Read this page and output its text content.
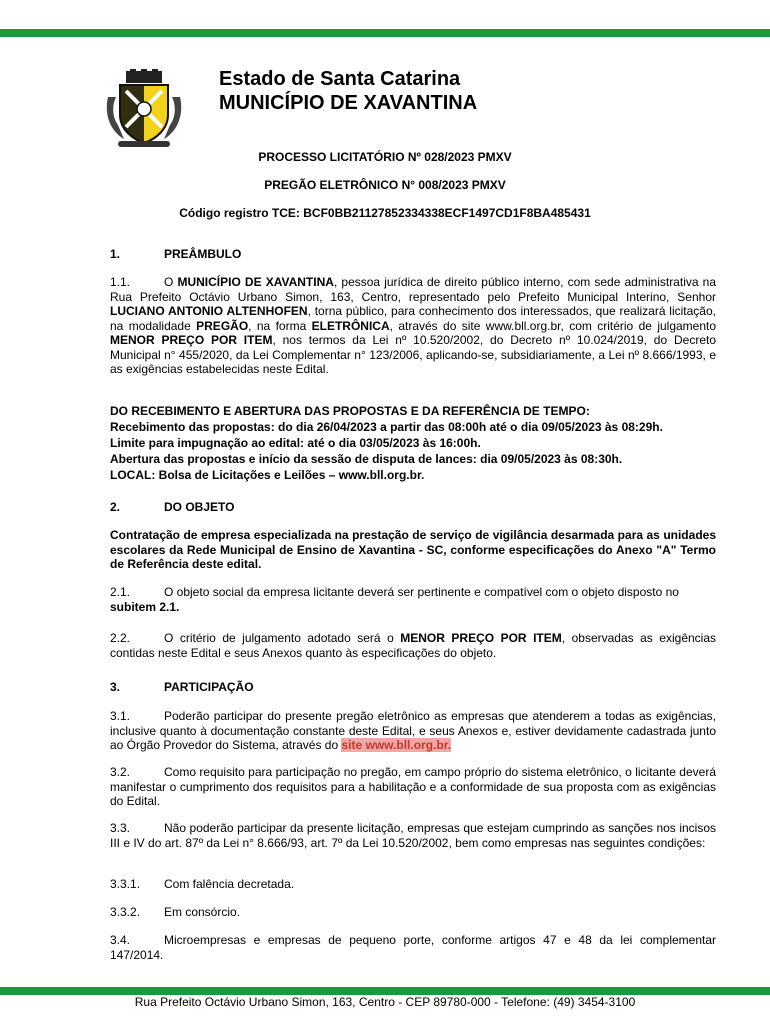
Estado de Santa Catarina
MUNICÍPIO DE XAVANTINA
PROCESSO LICITATÓRIO Nº 028/2023 PMXV
PREGÃO ELETRÔNICO N° 008/2023 PMXV
Código registro TCE: BCF0BB21127852334338ECF1497CD1F8BA485431
1.	PREÂMBULO
1.1.	O MUNICÍPIO DE XAVANTINA, pessoa jurídica de direito público interno, com sede administrativa na Rua Prefeito Octávio Urbano Simon, 163, Centro, representado pelo Prefeito Municipal Interino, Senhor LUCIANO ANTONIO ALTENHOFEN, torna público, para conhecimento dos interessados, que realizará licitação, na modalidade PREGÃO, na forma ELETRÔNICA, através do site www.bll.org.br, com critério de julgamento MENOR PREÇO POR ITEM, nos termos da Lei nº 10.520/2002, do Decreto nº 10.024/2019, do Decreto Municipal n° 455/2020, da Lei Complementar n° 123/2006, aplicando-se, subsidiariamente, a Lei nº 8.666/1993, e as exigências estabelecidas neste Edital.
DO RECEBIMENTO E ABERTURA DAS PROPOSTAS E DA REFERÊNCIA DE TEMPO:
Recebimento das propostas: do dia 26/04/2023 a partir das 08:00h até o dia 09/05/2023 às 08:29h.
Limite para impugnação ao edital: até o dia 03/05/2023 às 16:00h.
Abertura das propostas e início da sessão de disputa de lances: dia 09/05/2023 às 08:30h.
LOCAL: Bolsa de Licitações e Leilões – www.bll.org.br.
2.	DO OBJETO
Contratação de empresa especializada na prestação de serviço de vigilância desarmada para as unidades escolares da Rede Municipal de Ensino de Xavantina - SC, conforme especificações do Anexo "A" Termo de Referência deste edital.
2.1.	O objeto social da empresa licitante deverá ser pertinente e compatível com o objeto disposto no subitem 2.1.
2.2.	O critério de julgamento adotado será o MENOR PREÇO POR ITEM, observadas as exigências contidas neste Edital e seus Anexos quanto às especificações do objeto.
3.	PARTICIPAÇÃO
3.1.	Poderão participar do presente pregão eletrônico as empresas que atenderem a todas as exigências, inclusive quanto à documentação constante deste Edital, e seus Anexos e, estiver devidamente cadastrada junto ao Órgão Provedor do Sistema, através do site www.bll.org.br.
3.2.	Como requisito para participação no pregão, em campo próprio do sistema eletrônico, o licitante deverá manifestar o cumprimento dos requisitos para a habilitação e a conformidade de sua proposta com as exigências do Edital.
3.3.	Não poderão participar da presente licitação, empresas que estejam cumprindo as sanções nos incisos III e IV do art. 87º da Lei n° 8.666/93, art. 7º da Lei 10.520/2002, bem como empresas nas seguintes condições:
3.3.1. Com falência decretada.
3.3.2. Em consórcio.
3.4.	Microempresas e empresas de pequeno porte, conforme artigos 47 e 48 da lei complementar 147/2014.
Rua Prefeito Octávio Urbano Simon, 163, Centro - CEP 89780-000 - Telefone: (49) 3454-3100
